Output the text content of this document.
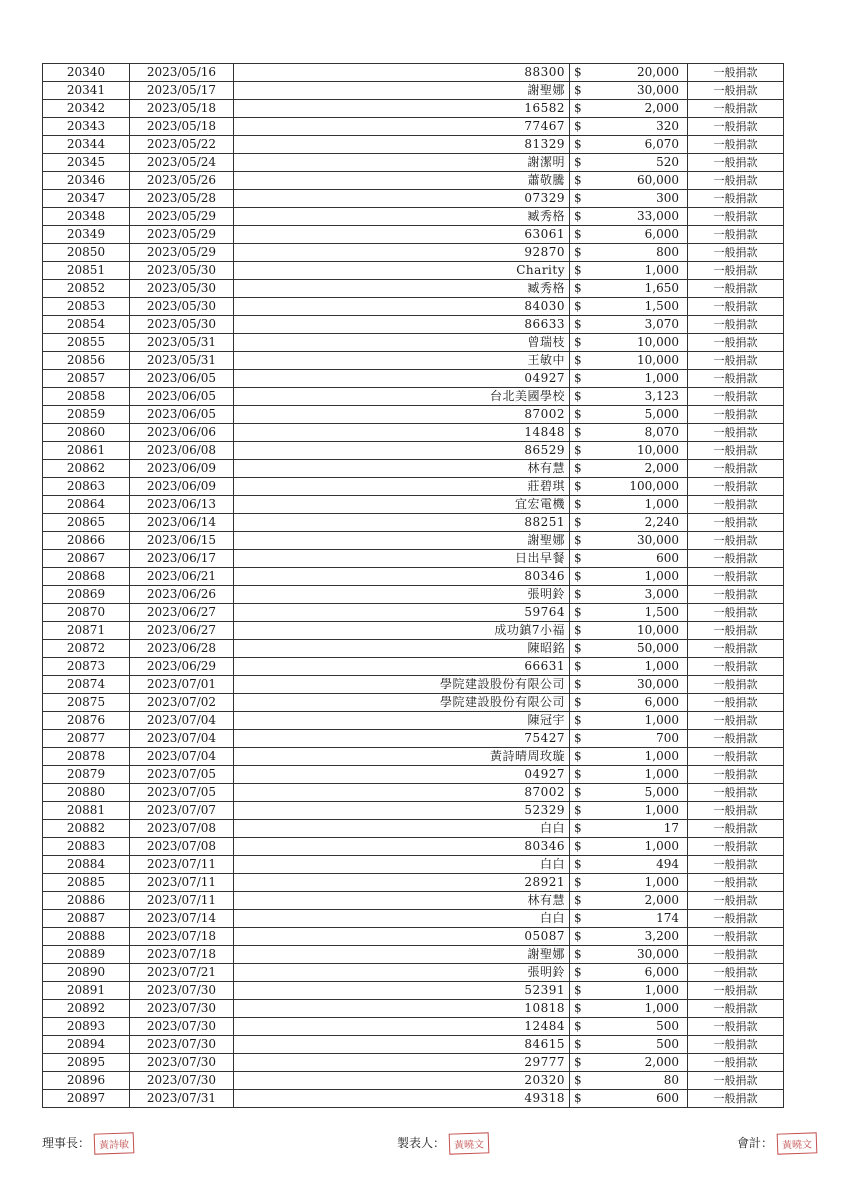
20340	2023/05/16	88300	$	20,000	一般捐款
20341	2023/05/17	謝聖娜	$	30,000	一般捐款
20342	2023/05/18	16582	$	2,000	一般捐款
20343	2023/05/18	77467	$	320	一般捐款
20344	2023/05/22	81329	$	6,070	一般捐款
20345	2023/05/24	謝潔明	$	520	一般捐款
20346	2023/05/26	蕭敬騰	$	60,000	一般捐款
20347	2023/05/28	07329	$	300	一般捐款
20348	2023/05/29	臧秀格	$	33,000	一般捐款
20349	2023/05/29	63061	$	6,000	一般捐款
20850	2023/05/29	92870	$	800	一般捐款
20851	2023/05/30	Charity	$	1,000	一般捐款
20852	2023/05/30	臧秀格	$	1,650	一般捐款
20853	2023/05/30	84030	$	1,500	一般捐款
20854	2023/05/30	86633	$	3,070	一般捐款
20855	2023/05/31	曾瑞枝	$	10,000	一般捐款
20856	2023/05/31	王敏中	$	10,000	一般捐款
20857	2023/06/05	04927	$	1,000	一般捐款
20858	2023/06/05	台北美國學校	$	3,123	一般捐款
20859	2023/06/05	87002	$	5,000	一般捐款
20860	2023/06/06	14848	$	8,070	一般捐款
20861	2023/06/08	86529	$	10,000	一般捐款
20862	2023/06/09	林有慧	$	2,000	一般捐款
20863	2023/06/09	莊碧琪	$	100,000	一般捐款
20864	2023/06/13	宜宏電機	$	1,000	一般捐款
20865	2023/06/14	88251	$	2,240	一般捐款
20866	2023/06/15	謝聖娜	$	30,000	一般捐款
20867	2023/06/17	日出早餐	$	600	一般捐款
20868	2023/06/21	80346	$	1,000	一般捐款
20869	2023/06/26	張明鈴	$	3,000	一般捐款
20870	2023/06/27	59764	$	1,500	一般捐款
20871	2023/06/27	成功鎮7小福	$	10,000	一般捐款
20872	2023/06/28	陳昭銘	$	50,000	一般捐款
20873	2023/06/29	66631	$	1,000	一般捐款
20874	2023/07/01	學院建設股份有限公司	$	30,000	一般捐款
20875	2023/07/02	學院建設股份有限公司	$	6,000	一般捐款
20876	2023/07/04	陳冠宇	$	1,000	一般捐款
20877	2023/07/04	75427	$	700	一般捐款
20878	2023/07/04	黃詩晴周玫璇	$	1,000	一般捐款
20879	2023/07/05	04927	$	1,000	一般捐款
20880	2023/07/05	87002	$	5,000	一般捐款
20881	2023/07/07	52329	$	1,000	一般捐款
20882	2023/07/08	白白	$	17	一般捐款
20883	2023/07/08	80346	$	1,000	一般捐款
20884	2023/07/11	白白	$	494	一般捐款
20885	2023/07/11	28921	$	1,000	一般捐款
20886	2023/07/11	林有慧	$	2,000	一般捐款
20887	2023/07/14	白白	$	174	一般捐款
20888	2023/07/18	05087	$	3,200	一般捐款
20889	2023/07/18	謝聖娜	$	30,000	一般捐款
20890	2023/07/21	張明鈴	$	6,000	一般捐款
20891	2023/07/30	52391	$	1,000	一般捐款
20892	2023/07/30	10818	$	1,000	一般捐款
20893	2023/07/30	12484	$	500	一般捐款
20894	2023/07/30	84615	$	500	一般捐款
20895	2023/07/30	29777	$	2,000	一般捐款
20896	2023/07/30	20320	$	80	一般捐款
20897	2023/07/31	49318	$	600	一般捐款
理事長： 黃詩敏	製表人： 黃曉文	會計： 黃曉文
